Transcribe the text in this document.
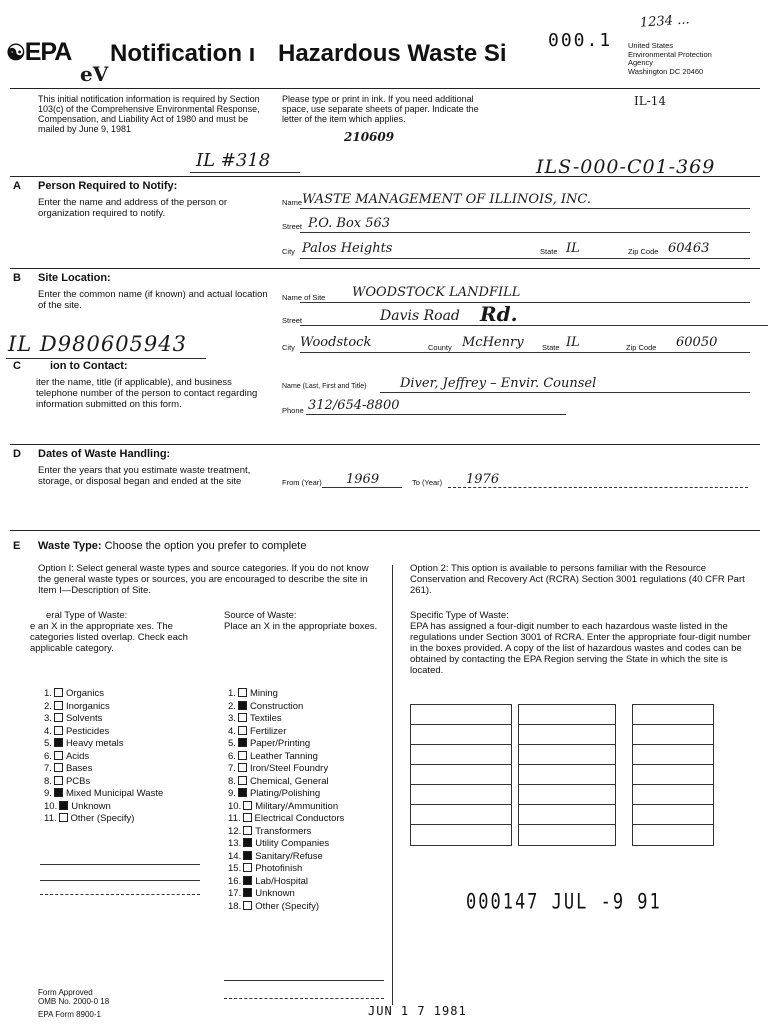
☯EPA Notification ı Hazardous Waste Si 000.1
1234 ...
United States
Environmental Protection
Agency
Washington DC 20460
eV
This initial notification information is required by Section 103(c) of the Comprehensive Environmental Response, Compensation, and Liability Act of 1980 and must be mailed by June 9, 1981
Please type or print in ink. If you need additional space, use separate sheets of paper. Indicate the letter of the item which applies.
IL-14
210609
IL #318	ILS-000-C01-369
A Person Required to Notify:
Enter the name and address of the person or organization required to notify.
Name WASTE MANAGEMENT OF ILLINOIS, INC.
Street P.O. Box 563
City Palos Heights	State IL	Zip Code 60463
B Site Location:
Enter the common name (if known) and actual location of the site.
Name of Site WOODSTOCK LANDFILL
Street	Davis Road Rd.
City Woodstock	County McHenry State IL	Zip Code 60050
IL D980605943
C	ion to Contact:
iter the name, title (if applicable), and business telephone number of the person to contact regarding information submitted on this form.
Name (Last, First and Title)	Diver, Jeffrey – Envir. Counsel
Phone 312/654-8800
D Dates of Waste Handling:
Enter the years that you estimate waste treatment, storage, or disposal began and ended at the site	From (Year) 1969	To (Year) 1976
E Waste Type: Choose the option you prefer to complete
Option I: Select general waste types and source categories. If you do not know the general waste types or sources, you are encouraged to describe the site in Item I—Description of Site.
Option 2: This option is available to persons familiar with the Resource Conservation and Recovery Act (RCRA) Section 3001 regulations (40 CFR Part 261).
eral Type of Waste:
e an X in the appropriate xes. The categories listed overlap. Check each applicable category.
Source of Waste:
Place an X in the appropriate boxes.
Specific Type of Waste:
EPA has assigned a four-digit number to each hazardous waste listed in the regulations under Section 3001 of RCRA. Enter the appropriate four-digit number in the boxes provided. A copy of the list of hazardous wastes and codes can be obtained by contacting the EPA Region serving the State in which the site is located.
1. Organics
2. Inorganics
3. Solvents
4. Pesticides
5. Heavy metals
6. Acids
7. Bases
8. PCBs
9. Mixed Municipal Waste
10. Unknown
11. Other (Specify)
1. Mining
2. Construction
3. Textiles
4. Fertilizer
5. Paper/Printing
6. Leather Tanning
7. Iron/Steel Foundry
8. Chemical, General
9. Plating/Polishing
10. Military/Ammunition
11. Electrical Conductors
12. Transformers
13. Utility Companies
14. Sanitary/Refuse
15. Photofinish
16. Lab/Hospital
17. Unknown
18. Other (Specify)	000147 JUL -9 91
Form Approved
OMB No. 2000-0 18
EPA Form 8900-1	JUN 1 7 1981
